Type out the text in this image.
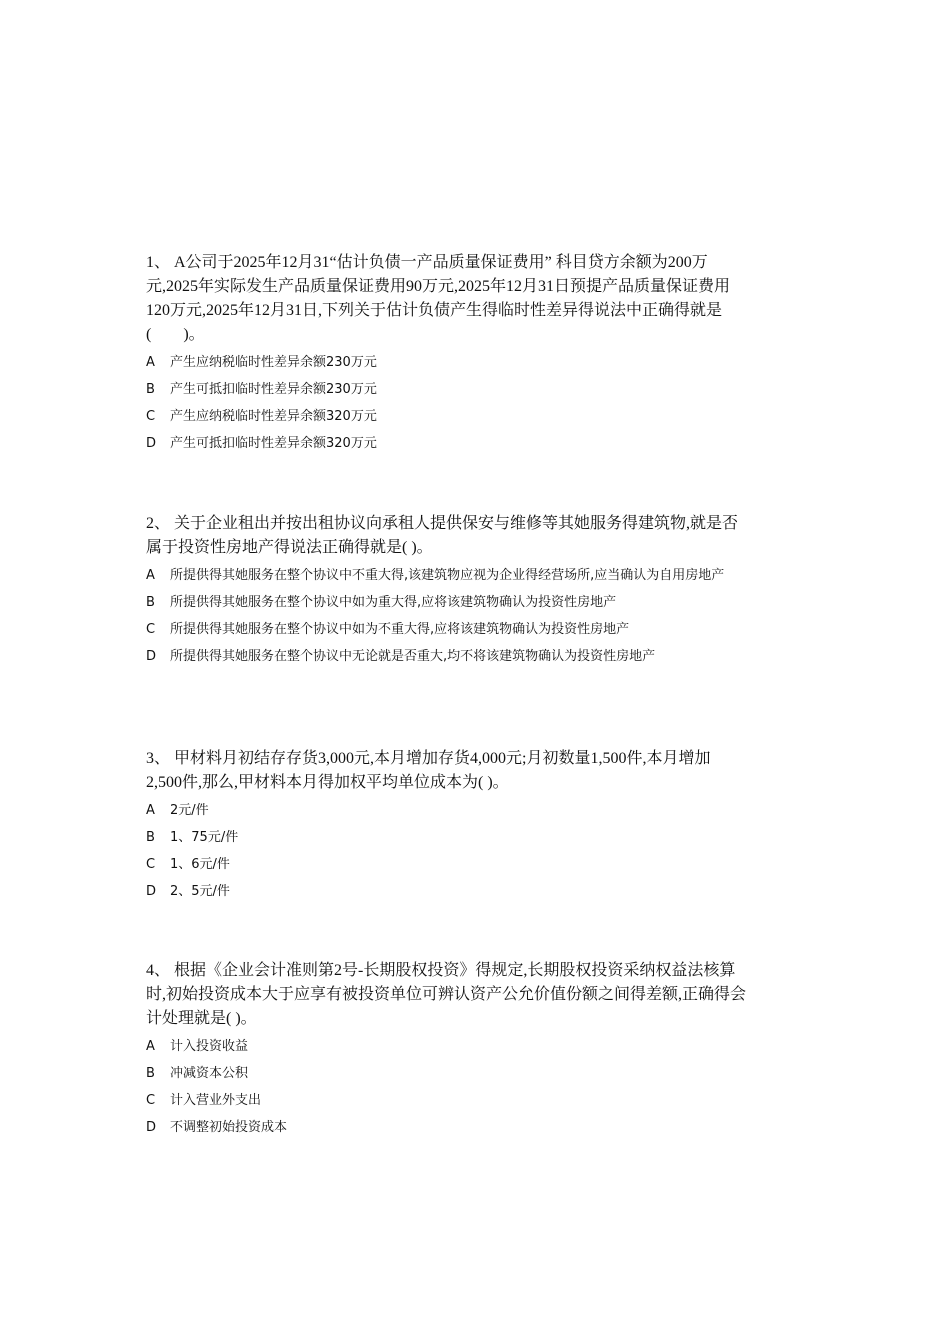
1、 A公司于2025年12月31“估计负债一产品质量保证费用” 科目贷方余额为200万元,2025年实际发生产品质量保证费用90万元,2025年12月31日预提产品质量保证费用120万元,2025年12月31日,下列关于估计负债产生得临时性差异得说法中正确得就是(　　)。

A	产生应纳税临时性差异余额230万元
B	产生可抵扣临时性差异余额230万元
C	产生应纳税临时性差异余额320万元
D	产生可抵扣临时性差异余额320万元

2、 关于企业租出并按出租协议向承租人提供保安与维修等其她服务得建筑物,就是否属于投资性房地产得说法正确得就是( )。

A 所提供得其她服务在整个协议中不重大得,该建筑物应视为企业得经营场所,应当确认为自用房地产
B	所提供得其她服务在整个协议中如为重大得,应将该建筑物确认为投资性房地产
C	所提供得其她服务在整个协议中如为不重大得,应将该建筑物确认为投资性房地产
D	所提供得其她服务在整个协议中无论就是否重大,均不将该建筑物确认为投资性房地产

3、 甲材料月初结存存货3,000元,本月增加存货4,000元;月初数量1,500件,本月增加2,500件,那么,甲材料本月得加权平均单位成本为( )。

A	2元/件
B	1、75元/件
C	1、6元/件
D	2、5元/件

4、 根据《企业会计准则第2号-长期股权投资》得规定,长期股权投资采纳权益法核算时,初始投资成本大于应享有被投资单位可辨认资产公允价值份额之间得差额,正确得会计处理就是( )。

A	计入投资收益
B	冲减资本公积
C	计入营业外支出
D	不调整初始投资成本
